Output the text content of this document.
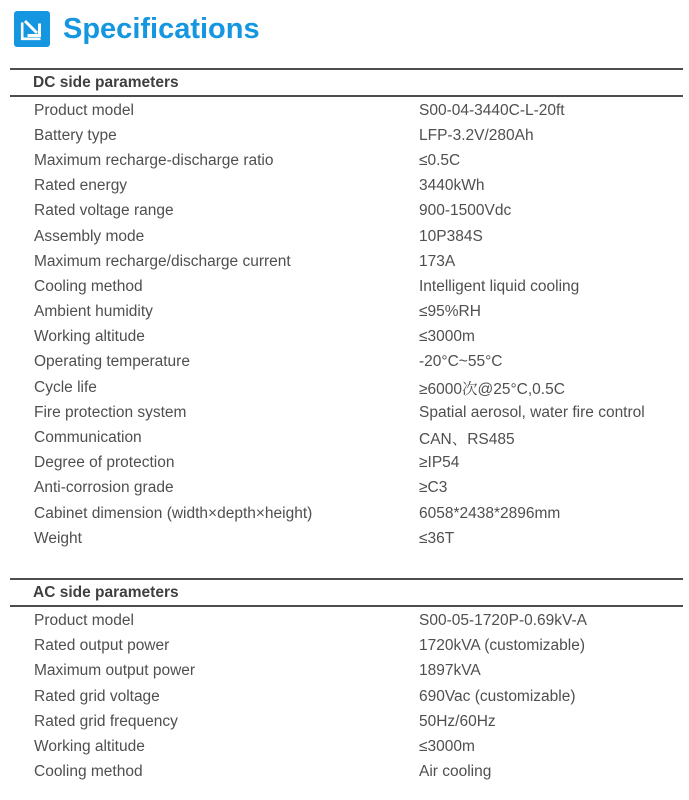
Specifications
DC side parameters
Product model	S00-04-3440C-L-20ft
Battery type	LFP-3.2V/280Ah
Maximum recharge-discharge ratio	≤0.5C
Rated energy	3440kWh
Rated voltage range	900-1500Vdc
Assembly mode	10P384S
Maximum recharge/discharge current	173A
Cooling method	Intelligent liquid cooling
Ambient humidity	≤95%RH
Working altitude	≤3000m
Operating temperature	-20°C~55°C
Cycle life	≥6000次@25°C,0.5C
Fire protection system	Spatial aerosol, water fire control
Communication	CAN、RS485
Degree of protection	≥IP54
Anti-corrosion grade	≥C3
Cabinet dimension (width×depth×height)	6058*2438*2896mm
Weight	≤36T
AC side parameters
Product model	S00-05-1720P-0.69kV-A
Rated output power	1720kVA (customizable)
Maximum output power	1897kVA
Rated grid voltage	690Vac (customizable)
Rated grid frequency	50Hz/60Hz
Working altitude	≤3000m
Cooling method	Air cooling
